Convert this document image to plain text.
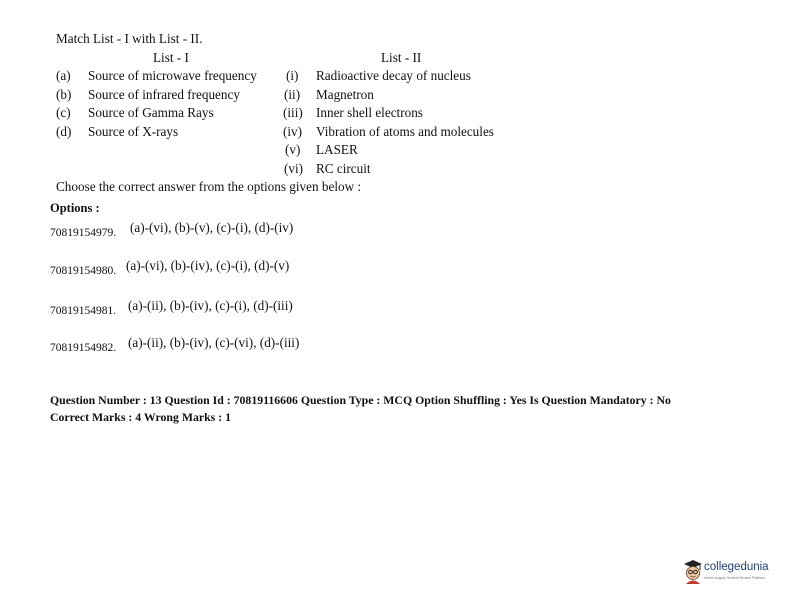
Match List - I with List - II.
List - I	List - II
(a) Source of microwave frequency
(b) Source of infrared frequency
(c) Source of Gamma Rays
(d) Source of X-rays
(i) Radioactive decay of nucleus
(ii) Magnetron
(iii) Inner shell electrons
(iv) Vibration of atoms and molecules
(v) LASER
(vi) RC circuit
Choose the correct answer from the options given below :
Options :
70819154979. (a)-(vi), (b)-(v), (c)-(i), (d)-(iv)
70819154980. (a)-(vi), (b)-(iv), (c)-(i), (d)-(v)
70819154981. (a)-(ii), (b)-(iv), (c)-(i), (d)-(iii)
70819154982. (a)-(ii), (b)-(iv), (c)-(vi), (d)-(iii)
Question Number : 13 Question Id : 70819116606 Question Type : MCQ Option Shuffling : Yes Is Question Mandatory : No
Correct Marks : 4 Wrong Marks : 1
collegedunia
India's largest Student Review Platform
